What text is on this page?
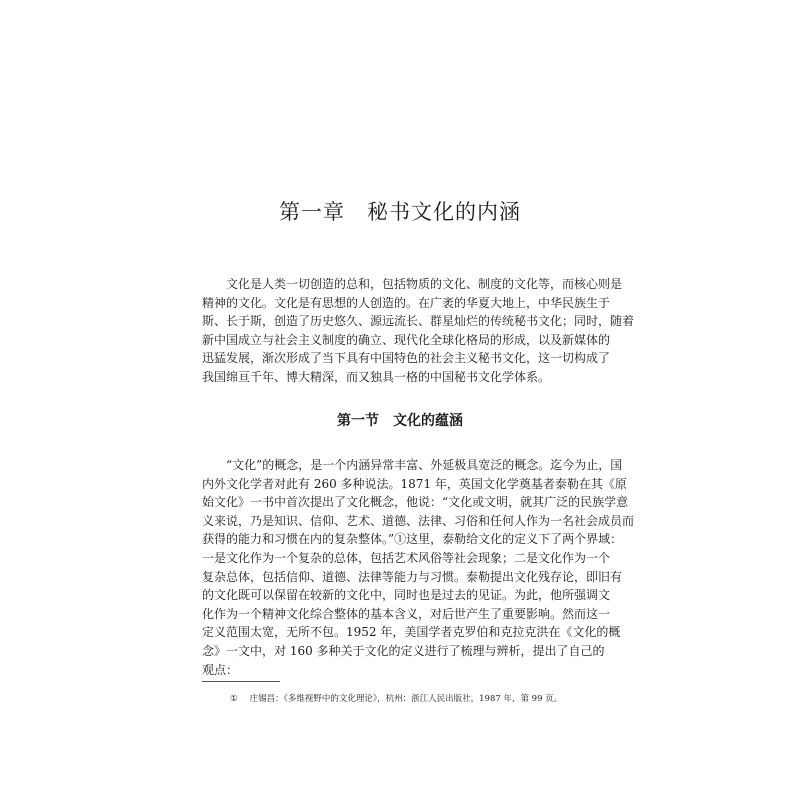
第一章　秘书文化的内涵
　　文化是人类一切创造的总和，包括物质的文化、制度的文化等，而核心则是
精神的文化。文化是有思想的人创造的。在广袤的华夏大地上，中华民族生于
斯、长于斯，创造了历史悠久、源远流长、群星灿烂的传统秘书文化；同时，随着
新中国成立与社会主义制度的确立、现代化全球化格局的形成，以及新媒体的
迅猛发展，渐次形成了当下具有中国特色的社会主义秘书文化，这一切构成了
我国绵亘千年、博大精深，而又独具一格的中国秘书文化学体系。
第一节　文化的蕴涵
　　“文化”的概念，是一个内涵异常丰富、外延极具宽泛的概念。迄今为止，国
内外文化学者对此有 260 多种说法。1871 年，英国文化学奠基者泰勒在其《原
始文化》一书中首次提出了文化概念，他说：“文化或文明，就其广泛的民族学意
义来说，乃是知识、信仰、艺术、道德、法律、习俗和任何人作为一名社会成员而
获得的能力和习惯在内的复杂整体。”①这里，泰勒给文化的定义下了两个界域：
一是文化作为一个复杂的总体，包括艺术风俗等社会现象；二是文化作为一个
复杂总体，包括信仰、道德、法律等能力与习惯。泰勒提出文化残存论，即旧有
的文化既可以保留在较新的文化中，同时也是过去的见证。为此，他所强调文
化作为一个精神文化综合整体的基本含义，对后世产生了重要影响。然而这一
定义范围太宽，无所不包。1952 年，美国学者克罗伯和克拉克洪在《文化的概
念》一文中，对 160 多种关于文化的定义进行了梳理与辨析，提出了自己的
观点：
① 庄锡昌：《多维视野中的文化理论》，杭州：浙江人民出版社，1987 年，第 99 页。
